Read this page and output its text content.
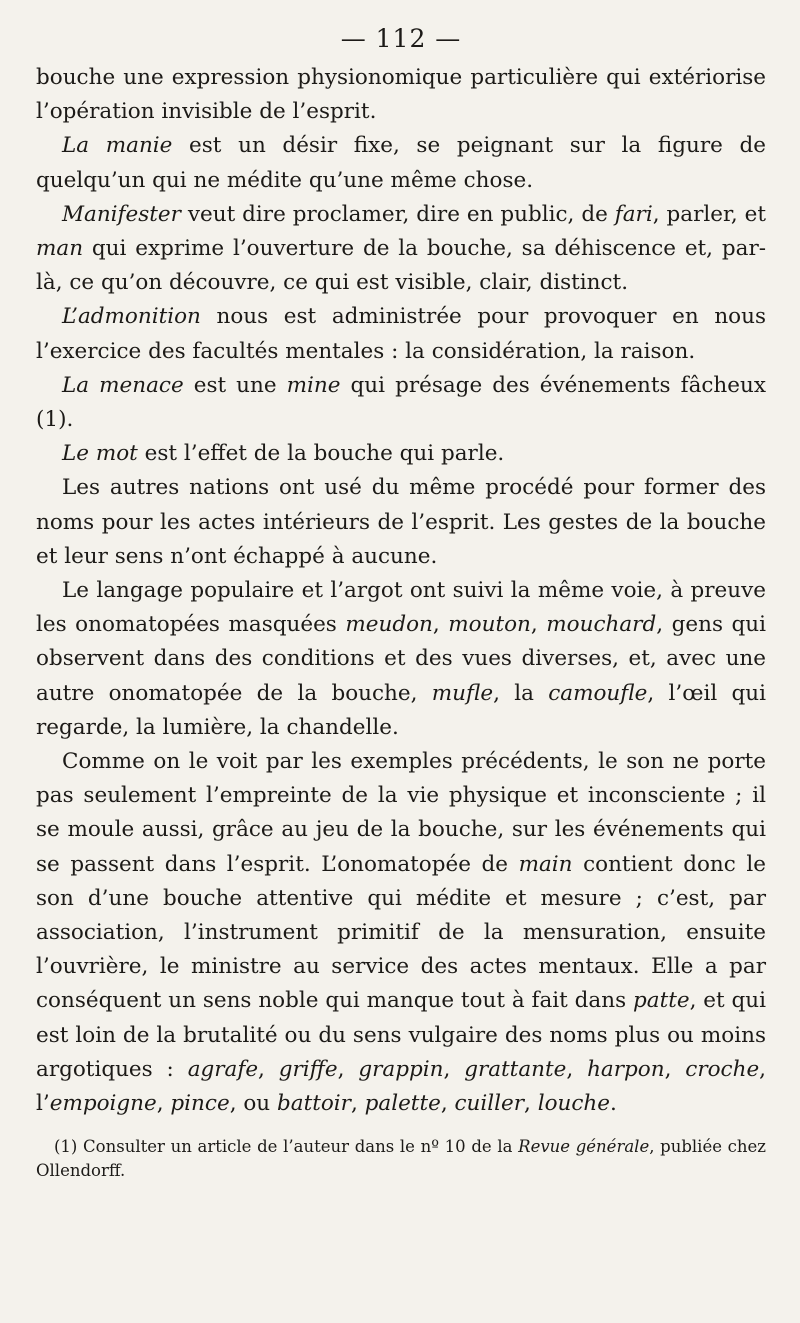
— 112 —

bouche une expression physionomique particulière qui extériorise l’opération invisible de l’esprit.

La manie est un désir fixe, se peignant sur la figure de quelqu’un qui ne médite qu’une même chose.

Manifester veut dire proclamer, dire en public, de fari, parler, et man qui exprime l’ouverture de la bouche, sa déhiscence et, par-là, ce qu’on découvre, ce qui est visible, clair, distinct.

L’admonition nous est administrée pour provoquer en nous l’exercice des facultés mentales : la considération, la raison.

La menace est une mine qui présage des événements fâcheux (1).

Le mot est l’effet de la bouche qui parle.

Les autres nations ont usé du même procédé pour former des noms pour les actes intérieurs de l’esprit. Les gestes de la bouche et leur sens n’ont échappé à aucune.

Le langage populaire et l’argot ont suivi la même voie, à preuve les onomatopées masquées meudon, mouton, mouchard, gens qui observent dans des conditions et des vues diverses, et, avec une autre onomatopée de la bouche, mufle, la camoufle, l’œil qui regarde, la lumière, la chandelle.

Comme on le voit par les exemples précédents, le son ne porte pas seulement l’empreinte de la vie physique et inconsciente ; il se moule aussi, grâce au jeu de la bouche, sur les événements qui se passent dans l’esprit. L’onomatopée de main contient donc le son d’une bouche attentive qui médite et mesure ; c’est, par association, l’instrument primitif de la mensuration, ensuite l’ouvrière, le ministre au service des actes mentaux. Elle a par conséquent un sens noble qui manque tout à fait dans patte, et qui est loin de la brutalité ou du sens vulgaire des noms plus ou moins argotiques : agrafe, griffe, grappin, grattante, harpon, croche, l’empoigne, pince, ou battoir, palette, cuiller, louche.

(1) Consulter un article de l’auteur dans le nº 10 de la Revue générale, publiée chez Ollendorff.
